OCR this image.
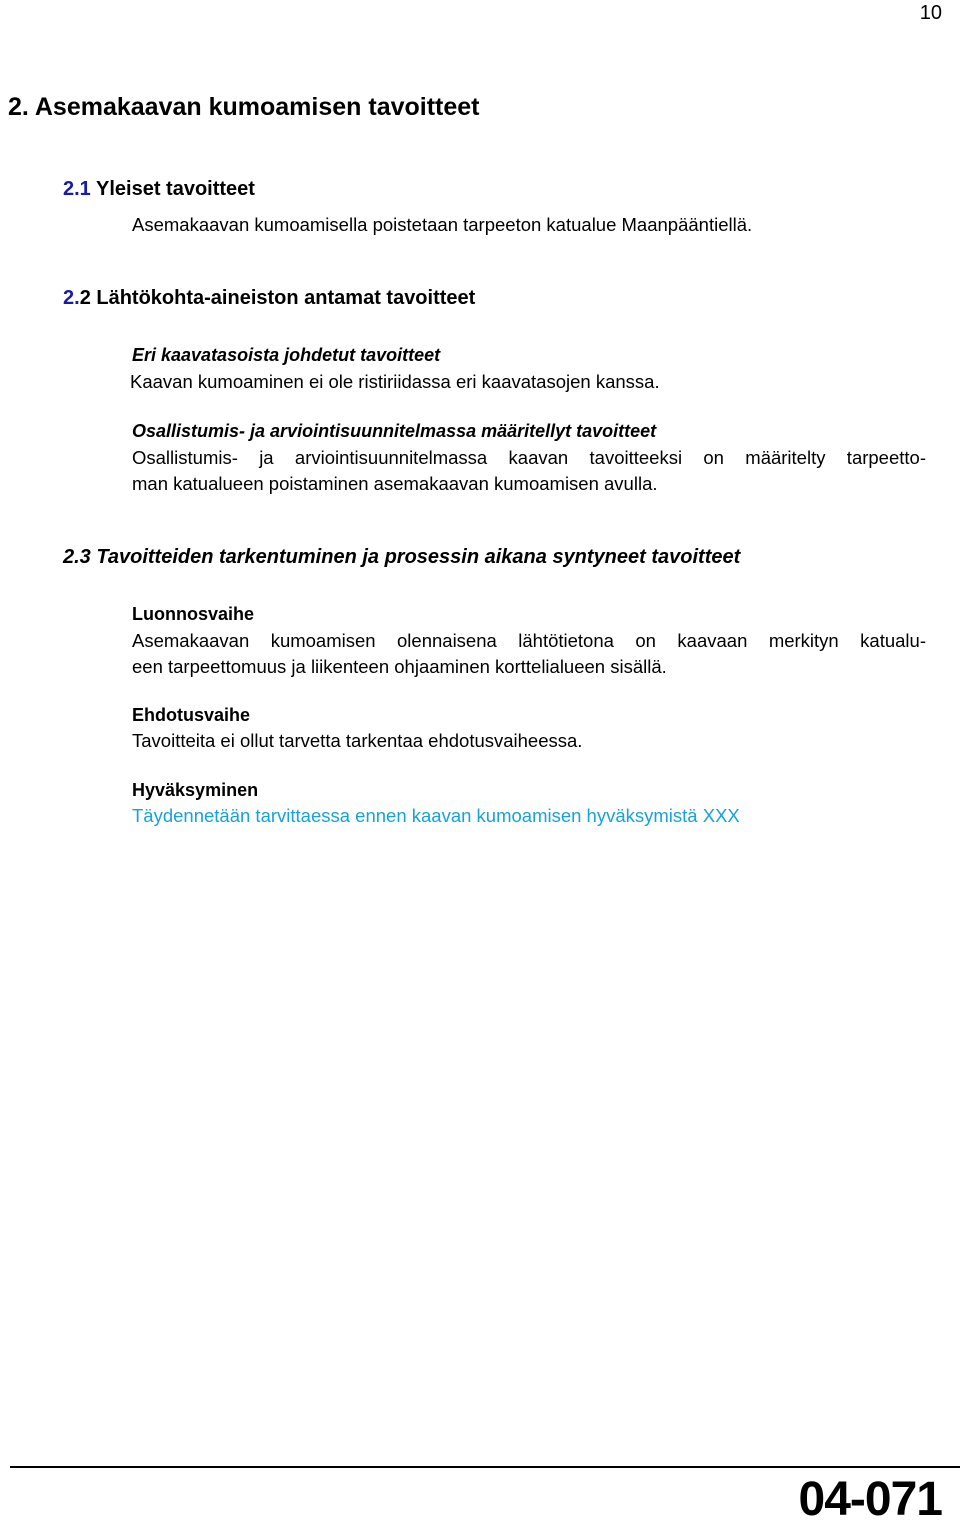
10
2. Asemakaavan kumoamisen tavoitteet
2.1 Yleiset tavoitteet
Asemakaavan kumoamisella poistetaan tarpeeton katualue Maanpääntiellä.
2.2 Lähtökohta-aineiston antamat tavoitteet
Eri kaavatasoista johdetut tavoitteet
Kaavan kumoaminen ei ole ristiriidassa eri kaavatasojen kanssa.
Osallistumis- ja arviointisuunnitelmassa määritellyt tavoitteet
Osallistumis- ja arviointisuunnitelmassa kaavan tavoitteeksi on määritelty tarpeetto-
man katualueen poistaminen asemakaavan kumoamisen avulla.
2.3 Tavoitteiden tarkentuminen ja prosessin aikana syntyneet tavoitteet
Luonnosvaihe
Asemakaavan kumoamisen olennaisena lähtötietona on kaavaan merkityn katualu-
een tarpeettomuus ja liikenteen ohjaaminen korttelialueen sisällä.
Ehdotusvaihe
Tavoitteita ei ollut tarvetta tarkentaa ehdotusvaiheessa.
Hyväksyminen
Täydennetään tarvittaessa ennen kaavan kumoamisen hyväksymistä XXX
04-071
